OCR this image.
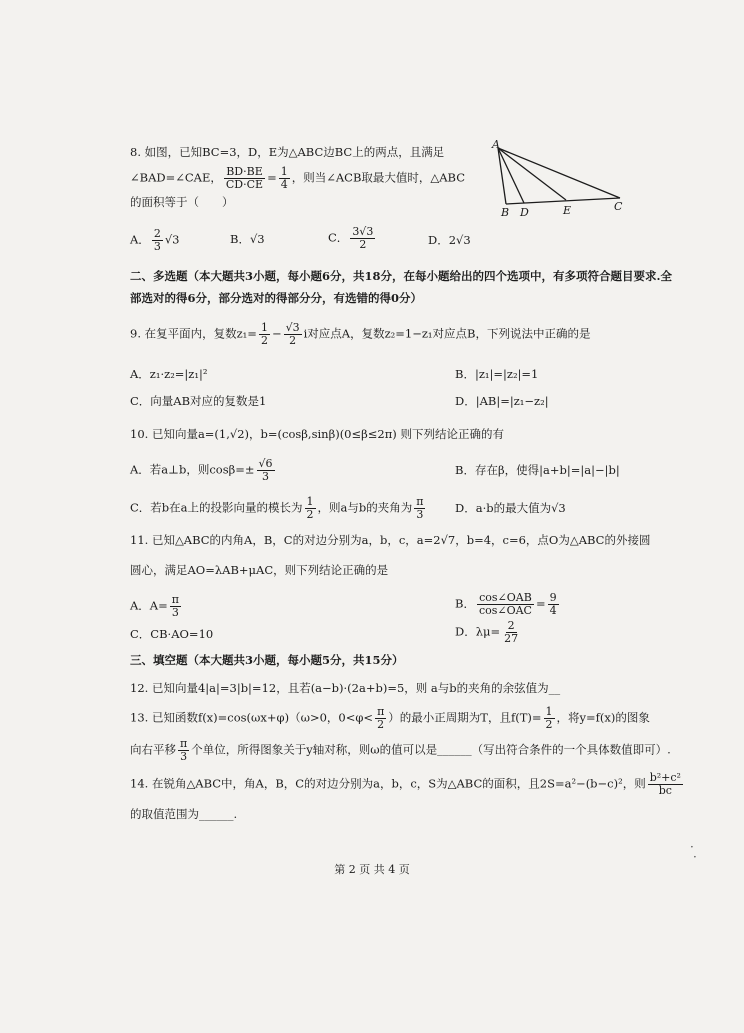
8. 如图，已知BC=3，D，E为△ABC边BC上的两点，且满足
∠BAD=∠CAE， $\frac{BD\cdot BE}{CD\cdot CE} = \frac{1}{4}$ ，则当∠ACB取最大值时，△ABC
的面积等于（　　）
A
B D	E	C
A． $\frac{2}{3} √3$	B．√3	C． $\frac{3√3}{2}$	D．2√3
二、多选题（本大题共3小题，每小题6分，共18分，在每小题给出的四个选项中，有多项符合题目要求.全
部选对的得6分，部分选对的得部分分，有选错的得0分）
9. 在复平面内，复数$z_1= \frac{1}{2} - \frac{√3}{2}$ i对应点A，复数z₂=1−z₁对应点B，下列说法中正确的是
A．z₁·z₂=|z₁|²	B．|z₁|=|z₂|=1
C．向量AB对应的复数是1	D．|AB|=|z₁−z₂|
10. 已知向量a=(1,√2)，b=(cosβ,sinβ)(0≤β≤2π) 则下列结论正确的有
A．若a⊥b，则$\cos\beta=\pm \frac{√6}{3}$	B．存在β，使得|a+b|=|a|−|b|
C．若b在a上的投影向量的模长为 $\frac{1}{2}$ ，则a与b的夹角为 $\frac{\pi}{3}$	D．a·b的最大值为√3
11. 已知△ABC的内角A，B，C的对边分别为a，b，c，a=2√7，b=4，c=6，点O为△ABC的外接圆
圆心，满足AO=λAB+μAC，则下列结论正确的是
A．$A= \frac{\pi}{3}$	B． $\frac{\text{cos∠OAB}}{\text{cos∠OAC}} = \frac{9}{4}$
C．CB·AO=10	D．$\lambda\mu= \frac{2}{27}$
三、填空题（本大题共3小题，每小题5分，共15分）
12. 已知向量4|a|=3|b|=12，且若(a−b)·(2a+b)=5，则 a与b的夹角的余弦值为__
13. 已知函数f(x)=cos(ωx+φ)（ω>0，$0<\varphi< \frac{\pi}{2}$ ）的最小正周期为T，且$f(T)= \frac{1}{2}$ ，将y=f(x)的图象
向右平移 $\frac{\pi}{3}$ 个单位，所得图象关于y轴对称，则ω的值可以是______（写出符合条件的一个具体数值即可）.
14. 在锐角△ABC中，角A，B，C的对边分别为a，b，c，S为△ABC的面积，且2S=a²−(b−c)²，则 $\frac{\text{b²+c²}}{bc}$
的取值范围为______.
第 2 页 共 4 页
·
·
